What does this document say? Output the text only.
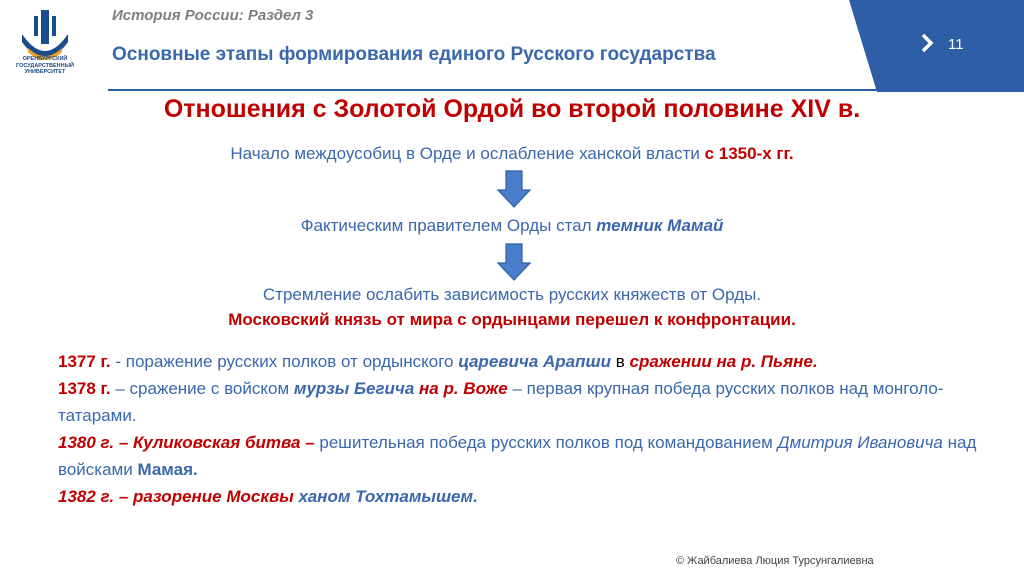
ОРЕНБУРГСКИЙ
ГОСУДАРСТВЕННЫЙ
УНИВЕРСИТЕТ
История России: Раздел 3
Основные этапы формирования единого Русского государства	11
Отношения с Золотой Ордой во второй половине XIV в.
Начало междоусобиц в Орде и ослабление ханской власти с 1350-х гг.
Фактическим правителем Орды стал темник Мамай
Стремление ослабить зависимость русских княжеств от Орды.
Московский князь от мира с ордынцами перешел к конфронтации.

1377 г. - поражение русских полков от ордынского царевича Арапши в сражении на р. Пьяне.

1378 г. – сражение с войском мурзы Бегича на р. Воже – первая крупная победа русских полков над монголо-татарами.

1380 г. – Куликовская битва – решительная победа русских полков под командованием Дмитрия Ивановича над войсками Мамая.

1382 г. – разорение Москвы ханом Тохтамышем.

© Жайбалиева Люция Турсунгалиевна
